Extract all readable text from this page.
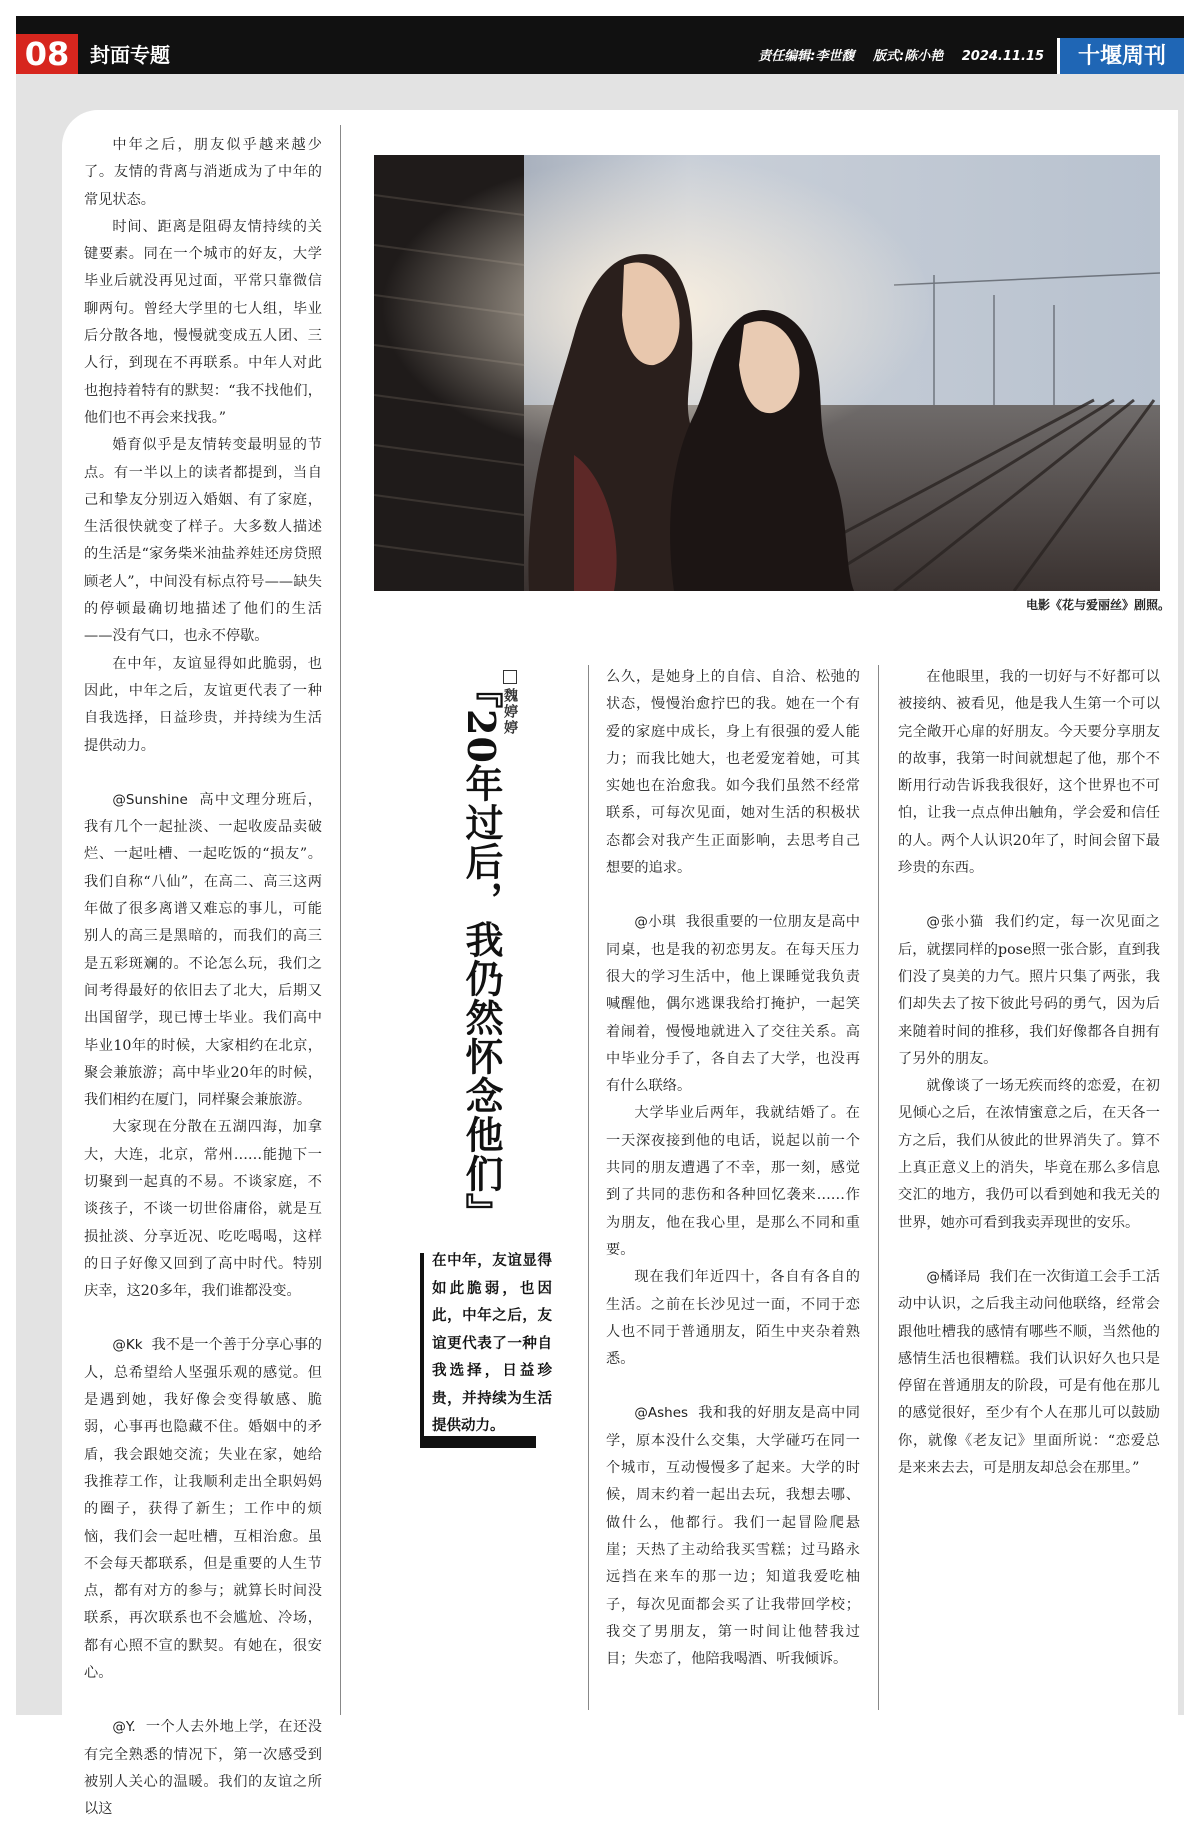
08	封面专题	责任编辑:李世馥 版式:陈小艳 2024.11.15	十堰周刊
电影《花与爱丽丝》剧照。

中年之后，朋友似乎越来越少了。友情的背离与消逝成为了中年的常见状态。

时间、距离是阻碍友情持续的关键要素。同在一个城市的好友，大学毕业后就没再见过面，平常只靠微信聊两句。曾经大学里的七人组，毕业后分散各地，慢慢就变成五人团、三人行，到现在不再联系。中年人对此也抱持着特有的默契：“我不找他们，他们也不再会来找我。”

婚育似乎是友情转变最明显的节点。有一半以上的读者都提到，当自己和挚友分别迈入婚姻、有了家庭，生活很快就变了样子。大多数人描述的生活是“家务柴米油盐养娃还房贷照顾老人”，中间没有标点符号——缺失的停顿最确切地描述了他们的生活——没有气口，也永不停歇。

在中年，友谊显得如此脆弱，也因此，中年之后，友谊更代表了一种自我选择，日益珍贵，并持续为生活提供动力。

@Sunshine 高中文理分班后，我有几个一起扯淡、一起收废品卖破烂、一起吐槽、一起吃饭的“损友”。我们自称“八仙”，在高二、高三这两年做了很多离谱又难忘的事儿，可能别人的高三是黑暗的，而我们的高三是五彩斑斓的。不论怎么玩，我们之间考得最好的依旧去了北大，后期又出国留学，现已博士毕业。我们高中毕业10年的时候，大家相约在北京，聚会兼旅游；高中毕业20年的时候，我们相约在厦门，同样聚会兼旅游。

大家现在分散在五湖四海，加拿大，大连，北京，常州……能抛下一切聚到一起真的不易。不谈家庭，不谈孩子，不谈一切世俗庸俗，就是互损扯淡、分享近况、吃吃喝喝，这样的日子好像又回到了高中时代。特别庆幸，这20多年，我们谁都没变。

@Kk 我不是一个善于分享心事的人，总希望给人坚强乐观的感觉。但是遇到她，我好像会变得敏感、脆弱，心事再也隐藏不住。婚姻中的矛盾，我会跟她交流；失业在家，她给我推荐工作，让我顺利走出全职妈妈的圈子，获得了新生；工作中的烦恼，我们会一起吐槽，互相治愈。虽不会每天都联系，但是重要的人生节点，都有对方的参与；就算长时间没联系，再次联系也不会尴尬、冷场，都有心照不宣的默契。有她在，很安心。

@Y. 一个人去外地上学，在还没有完全熟悉的情况下，第一次感受到被别人关心的温暖。我们的友谊之所以这

『20年过后，我仍然怀念他们』
魏婷婷
在中年，友谊显得如此脆弱，也因此，中年之后，友谊更代表了一种自我选择，日益珍贵，并持续为生活提供动力。

么久，是她身上的自信、自洽、松弛的状态，慢慢治愈拧巴的我。她在一个有爱的家庭中成长，身上有很强的爱人能力；而我比她大，也老爱宠着她，可其实她也在治愈我。如今我们虽然不经常联系，可每次见面，她对生活的积极状态都会对我产生正面影响，去思考自己想要的追求。

@小琪 我很重要的一位朋友是高中同桌，也是我的初恋男友。在每天压力很大的学习生活中，他上课睡觉我负责喊醒他，偶尔逃课我给打掩护，一起笑着闹着，慢慢地就进入了交往关系。高中毕业分手了，各自去了大学，也没再有什么联络。

大学毕业后两年，我就结婚了。在一天深夜接到他的电话，说起以前一个共同的朋友遭遇了不幸，那一刻，感觉到了共同的悲伤和各种回忆袭来……作为朋友，他在我心里，是那么不同和重要。

现在我们年近四十，各自有各自的生活。之前在长沙见过一面，不同于恋人也不同于普通朋友，陌生中夹杂着熟悉。

@Ashes 我和我的好朋友是高中同学，原本没什么交集，大学碰巧在同一个城市，互动慢慢多了起来。大学的时候，周末约着一起出去玩，我想去哪、做什么，他都行。我们一起冒险爬悬崖；天热了主动给我买雪糕；过马路永远挡在来车的那一边；知道我爱吃柚子，每次见面都会买了让我带回学校；我交了男朋友，第一时间让他替我过目；失恋了，他陪我喝酒、听我倾诉。

在他眼里，我的一切好与不好都可以被接纳、被看见，他是我人生第一个可以完全敞开心扉的好朋友。今天要分享朋友的故事，我第一时间就想起了他，那个不断用行动告诉我我很好，这个世界也不可怕，让我一点点伸出触角，学会爱和信任的人。两个人认识20年了，时间会留下最珍贵的东西。

@张小猫 我们约定，每一次见面之后，就摆同样的pose照一张合影，直到我们没了臭美的力气。照片只集了两张，我们却失去了按下彼此号码的勇气，因为后来随着时间的推移，我们好像都各自拥有了另外的朋友。

就像谈了一场无疾而终的恋爱，在初见倾心之后，在浓情蜜意之后，在天各一方之后，我们从彼此的世界消失了。算不上真正意义上的消失，毕竟在那么多信息交汇的地方，我仍可以看到她和我无关的世界，她亦可看到我卖弄现世的安乐。

@橘译局 我们在一次街道工会手工活动中认识，之后我主动问他联络，经常会跟他吐槽我的感情有哪些不顺，当然他的感情生活也很糟糕。我们认识好久也只是停留在普通朋友的阶段，可是有他在那儿的感觉很好，至少有个人在那儿可以鼓励你，就像《老友记》里面所说：“恋爱总是来来去去，可是朋友却总会在那里。”
